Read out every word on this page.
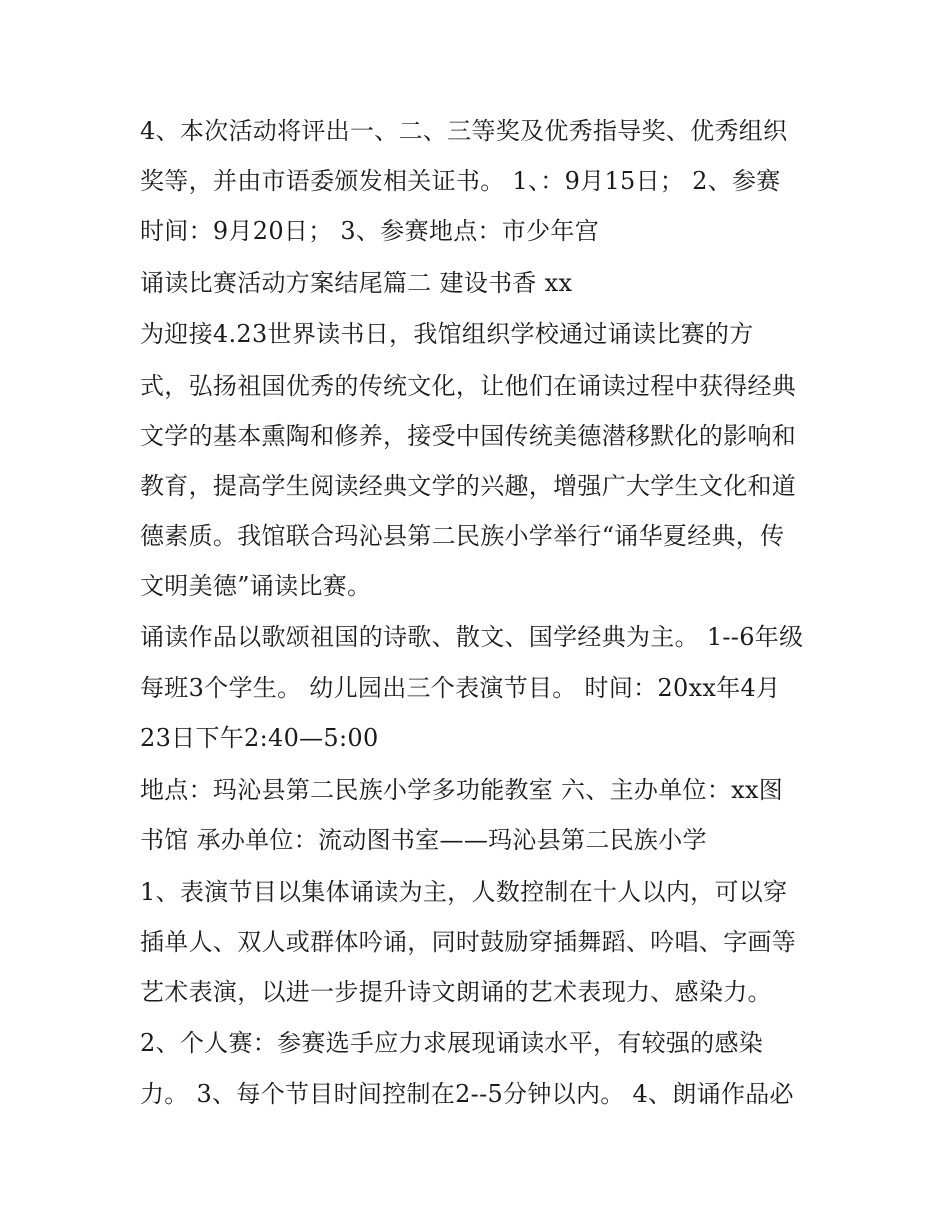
4、本次活动将评出一、二、三等奖及优秀指导奖、优秀组织
奖等，并由市语委颁发相关证书。 1、：9月15日； 2、参赛
时间：9月20日； 3、参赛地点：市少年宫
诵读比赛活动方案结尾篇二 建设书香 xx
为迎接4.23世界读书日，我馆组织学校通过诵读比赛的方
式，弘扬祖国优秀的传统文化，让他们在诵读过程中获得经典
文学的基本熏陶和修养，接受中国传统美德潜移默化的影响和
教育，提高学生阅读经典文学的兴趣，增强广大学生文化和道
德素质。我馆联合玛沁县第二民族小学举行“诵华夏经典，传
文明美德”诵读比赛。
诵读作品以歌颂祖国的诗歌、散文、国学经典为主。 1--6年级
每班3个学生。 幼儿园出三个表演节目。 时间：20xx年4月
23日下午2:40—5:00
地点：玛沁县第二民族小学多功能教室 六、主办单位：xx图
书馆 承办单位：流动图书室——玛沁县第二民族小学
1、表演节目以集体诵读为主，人数控制在十人以内，可以穿
插单人、双人或群体吟诵，同时鼓励穿插舞蹈、吟唱、字画等
艺术表演，以进一步提升诗文朗诵的艺术表现力、感染力。
2、个人赛：参赛选手应力求展现诵读水平，有较强的感染
力。 3、每个节目时间控制在2--5分钟以内。 4、朗诵作品必
